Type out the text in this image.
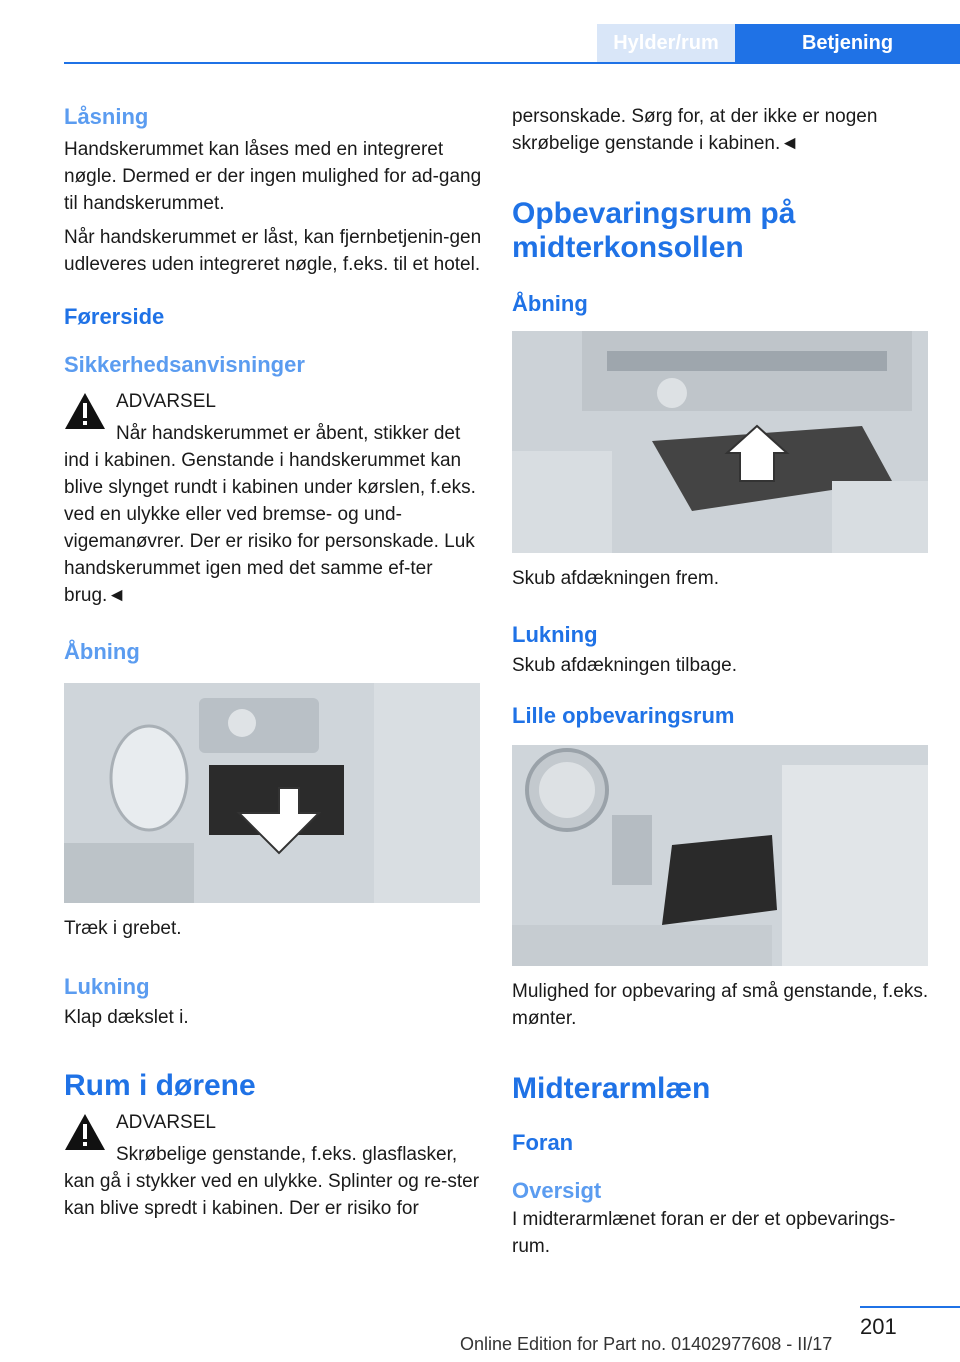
Hylder/rum	Betjening

Låsning

Handskerummet kan låses med en integreret nøgle. Dermed er der ingen mulighed for ad-gang til handskerummet.

Når handskerummet er låst, kan fjernbetjenin-gen udleveres uden integreret nøgle, f.eks. til et hotel.

Førerside

Sikkerhedsanvisninger

ADVARSEL

Når handskerummet er åbent, stikker det ind i kabinen. Genstande i handskerummet kan blive slynget rundt i kabinen under kørslen, f.eks. ved en ulykke eller ved bremse- og und-vigemanøvrer. Der er risiko for personskade. Luk handskerummet igen med det samme ef-ter brug.◄

Åbning

Træk i grebet.

Lukning

Klap dækslet i.

Rum i dørene

ADVARSEL

Skrøbelige genstande, f.eks. glasflasker, kan gå i stykker ved en ulykke. Splinter og re-ster kan blive spredt i kabinen. Der er risiko for

personskade. Sørg for, at der ikke er nogen skrøbelige genstande i kabinen.◄

Opbevaringsrum på midterkonsollen

Åbning

Skub afdækningen frem.

Lukning

Skub afdækningen tilbage.

Lille opbevaringsrum

Mulighed for opbevaring af små genstande, f.eks. mønter.

Midterarmlæn

Foran

Oversigt

I midterarmlænet foran er der et opbevarings-rum.

201
Online Edition for Part no. 01402977608 - II/17
